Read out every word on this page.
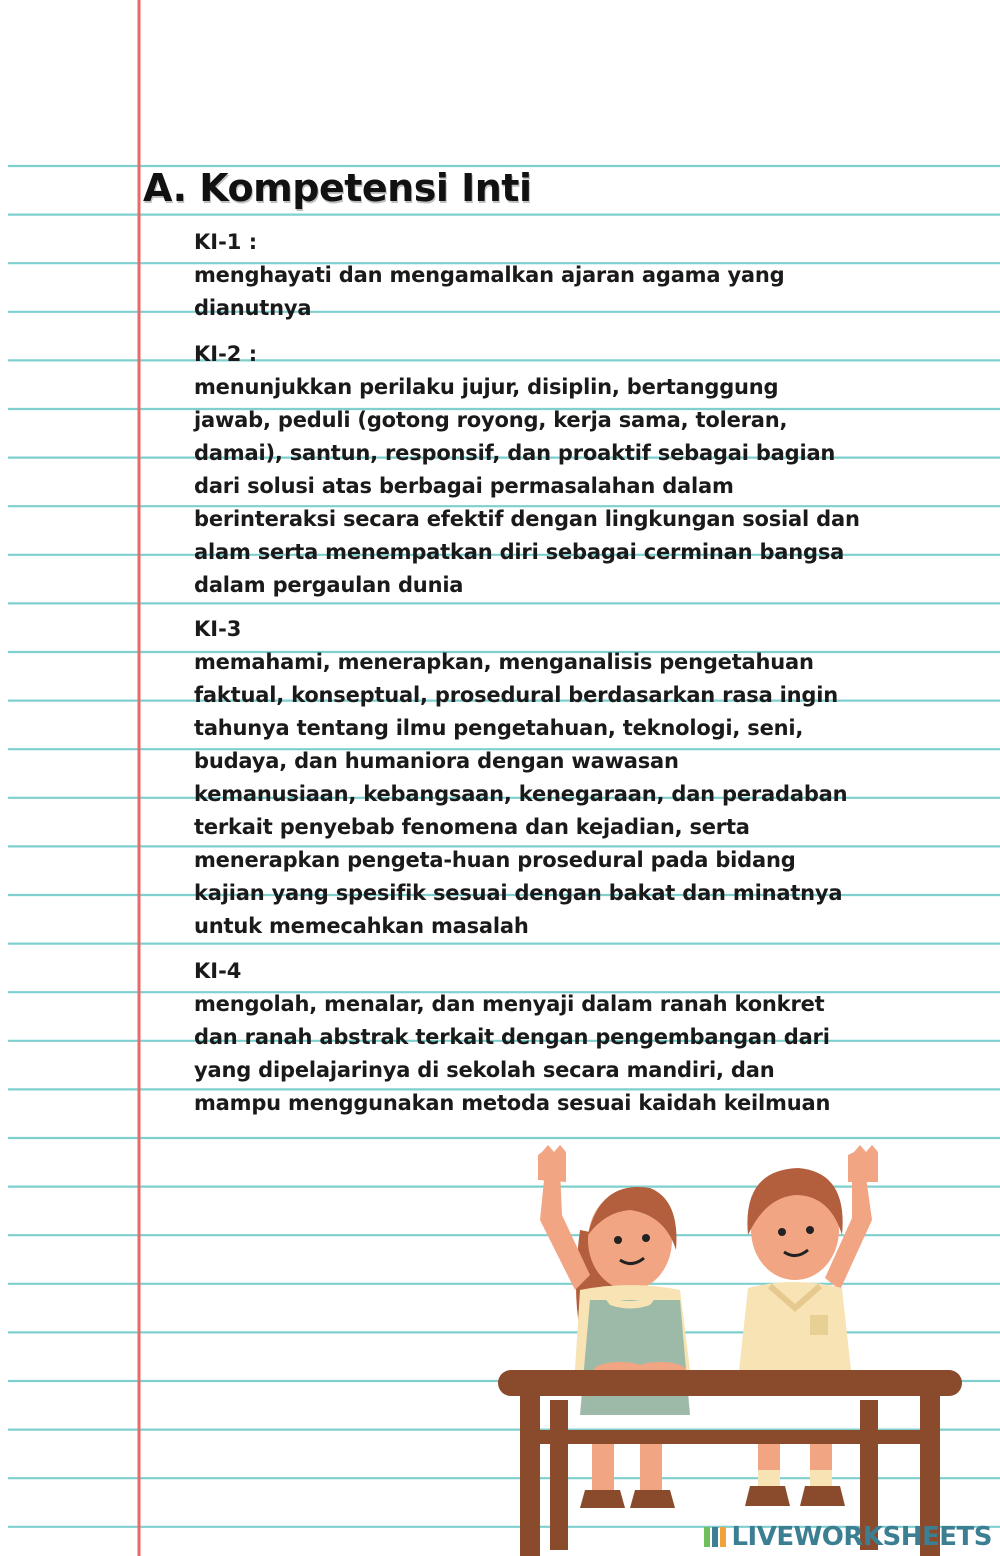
A. Kompetensi Inti
KI-1 :
menghayati dan mengamalkan ajaran agama yang
dianutnya
KI-2 :
menunjukkan perilaku jujur, disiplin, bertanggung
jawab, peduli (gotong royong, kerja sama, toleran,
damai), santun, responsif, dan proaktif sebagai bagian
dari solusi atas berbagai permasalahan dalam
berinteraksi secara efektif dengan lingkungan sosial dan
alam serta menempatkan diri sebagai cerminan bangsa
dalam pergaulan dunia
KI-3
memahami, menerapkan, menganalisis pengetahuan
faktual, konseptual, prosedural berdasarkan rasa ingin
tahunya tentang ilmu pengetahuan, teknologi, seni,
budaya, dan humaniora dengan wawasan
kemanusiaan, kebangsaan, kenegaraan, dan peradaban
terkait penyebab fenomena dan kejadian, serta
menerapkan pengeta-huan prosedural pada bidang
kajian yang spesifik sesuai dengan bakat dan minatnya
untuk memecahkan masalah
KI-4
mengolah, menalar, dan menyaji dalam ranah konkret
dan ranah abstrak terkait dengan pengembangan dari
yang dipelajarinya di sekolah secara mandiri, dan
mampu menggunakan metoda sesuai kaidah keilmuan
LIVEWORKSHEETS
